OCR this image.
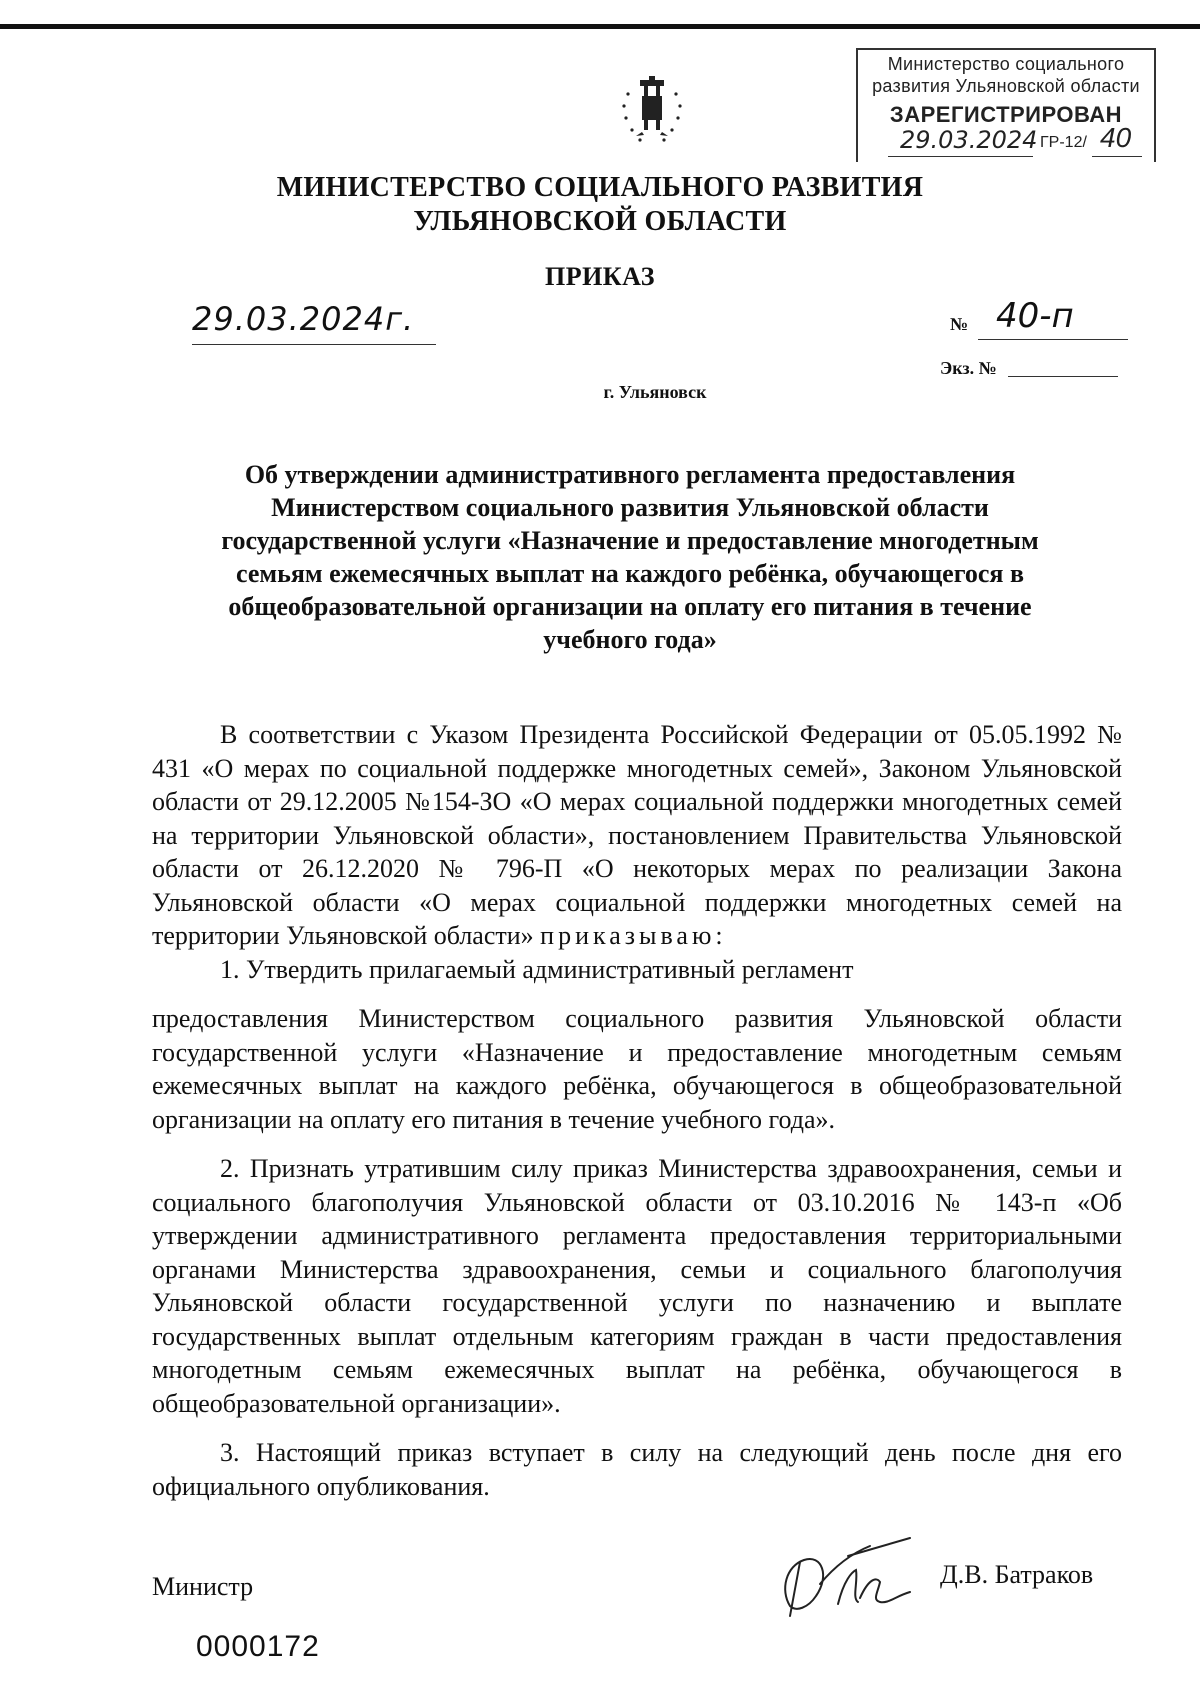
Министерство социального
развития Ульяновской области
ЗАРЕГИСТРИРОВАН
29.03.2024 ГР-12/ 40
МИНИСТЕРСТВО СОЦИАЛЬНОГО РАЗВИТИЯ
УЛЬЯНОВСКОЙ ОБЛАСТИ
ПРИКАЗ
29.03.2024г.	№ 40-п
Экз. №
г. Ульяновск
Об утверждении административного регламента предоставления
Министерством социального развития Ульяновской области
государственной услуги «Назначение и предоставление многодетным
семьям ежемесячных выплат на каждого ребёнка, обучающегося в
общеобразовательной организации на оплату его питания в течение
учебного года»

В соответствии с Указом Президента Российской Федерации от 05.05.1992 № 431 «О мерах по социальной поддержке многодетных семей», Законом Ульяновской области от 29.12.2005 №154-ЗО «О мерах социальной поддержки многодетных семей на территории Ульяновской области», постановлением Правительства Ульяновской области от 26.12.2020 № 796-П «О некоторых мерах по реализации Закона Ульяновской области «О мерах социальной поддержки многодетных семей на территории Ульяновской области» приказываю:

1. Утвердить прилагаемый административный регламент

предоставления Министерством социального развития Ульяновской области государственной услуги «Назначение и предоставление многодетным семьям ежемесячных выплат на каждого ребёнка, обучающегося в общеобразовательной организации на оплату его питания в течение учебного года».

2. Признать утратившим силу приказ Министерства здравоохранения, семьи и социального благополучия Ульяновской области от 03.10.2016 № 143-п «Об утверждении административного регламента предоставления территориальными органами Министерства здравоохранения, семьи и социального благополучия Ульяновской области государственной услуги по назначению и выплате государственных выплат отдельным категориям граждан в части предоставления многодетным семьям ежемесячных выплат на ребёнка, обучающегося в общеобразовательной организации».

3. Настоящий приказ вступает в силу на следующий день после дня его официального опубликования.

Министр	Д.В. Батраков
0000172
